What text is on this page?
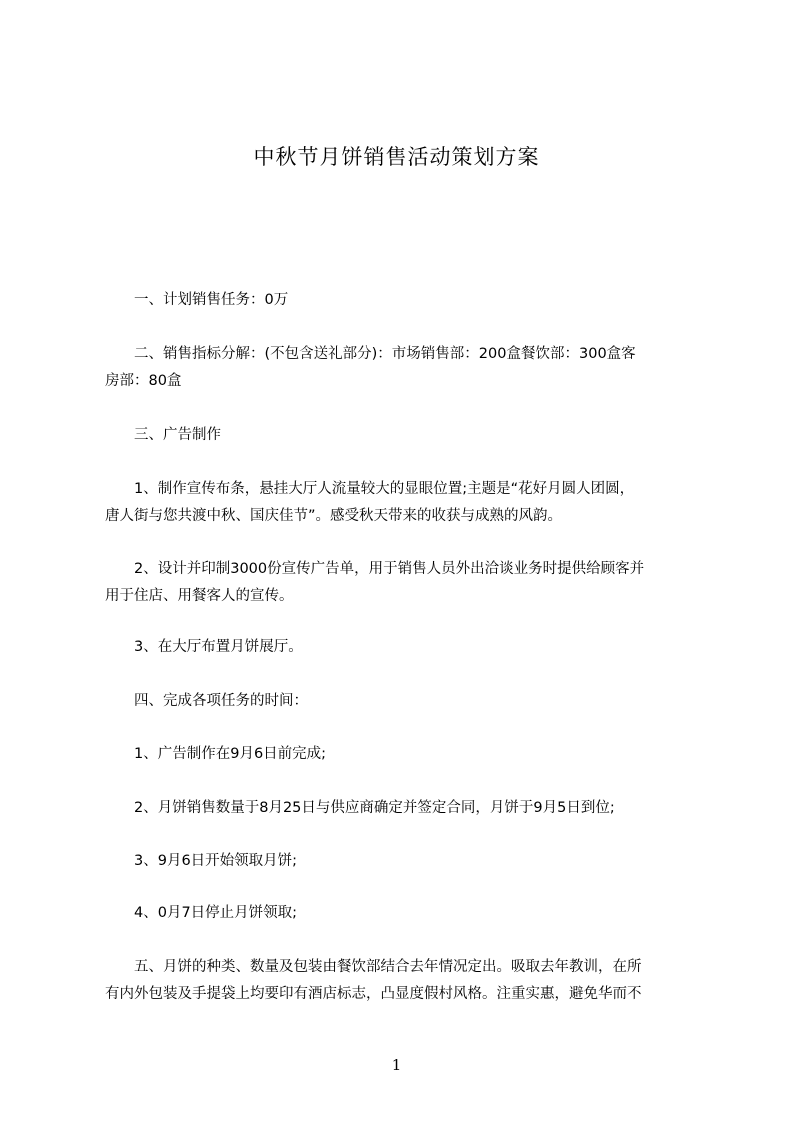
中秋节月饼销售活动策划方案

　　一、计划销售任务：0万

　　二、销售指标分解：(不包含送礼部分)：市场销售部：200盒餐饮部：300盒客
房部：80盒

　　三、广告制作

　　1、制作宣传布条，悬挂大厅人流量较大的显眼位置;主题是“花好月圆人团圆，
唐人街与您共渡中秋、国庆佳节”。感受秋天带来的收获与成熟的风韵。

　　2、设计并印制3000份宣传广告单，用于销售人员外出洽谈业务时提供给顾客并
用于住店、用餐客人的宣传。

　　3、在大厅布置月饼展厅。

　　四、完成各项任务的时间：

　　1、广告制作在9月6日前完成;

　　2、月饼销售数量于8月25日与供应商确定并签定合同，月饼于9月5日到位;

　　3、9月6日开始领取月饼;

　　4、0月7日停止月饼领取;

　　五、月饼的种类、数量及包装由餐饮部结合去年情况定出。吸取去年教训，在所
有内外包装及手提袋上均要印有酒店标志，凸显度假村风格。注重实惠，避免华而不

1
